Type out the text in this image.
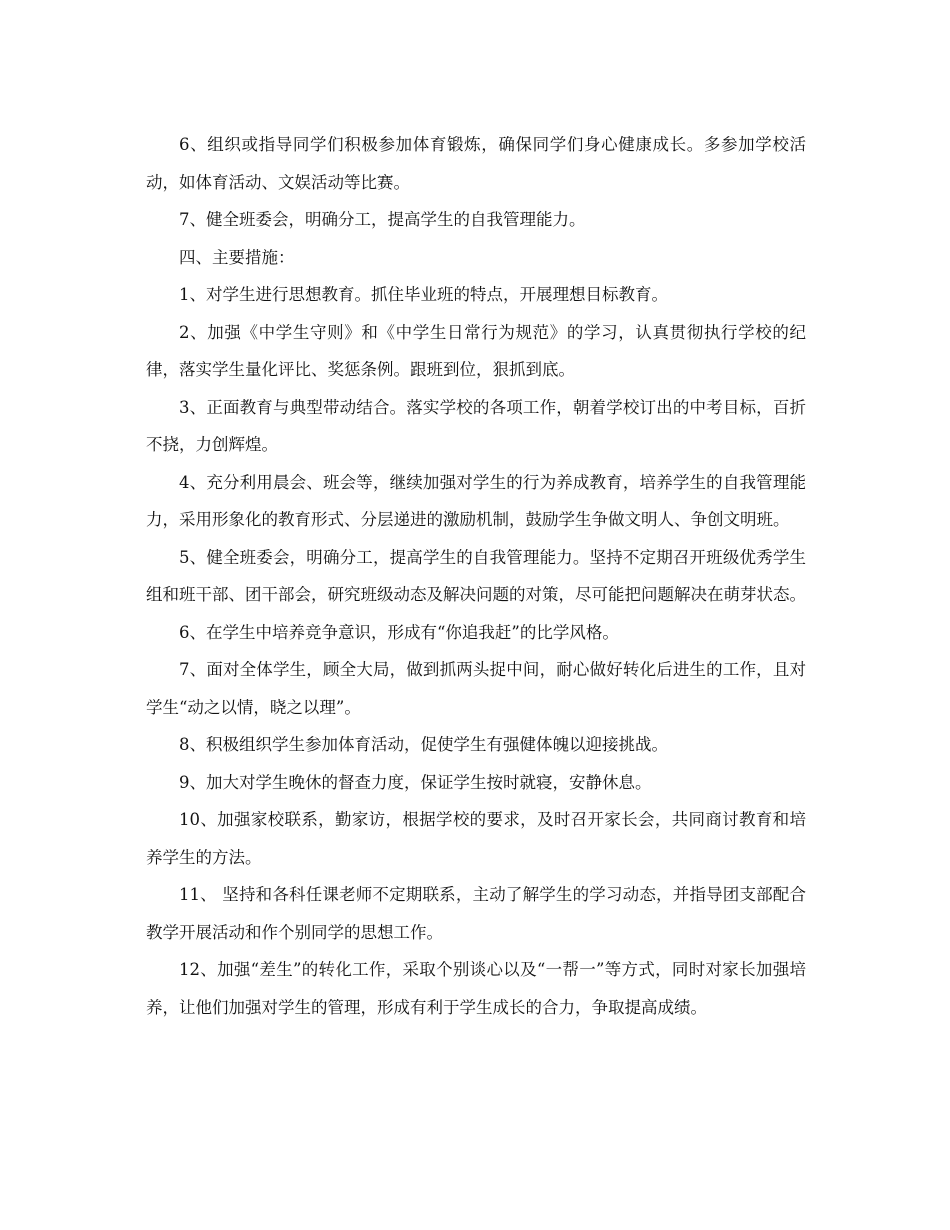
6、组织或指导同学们积极参加体育锻炼，确保同学们身心健康成长。多参加学校活动，如体育活动、文娱活动等比赛。

7、健全班委会，明确分工，提高学生的自我管理能力。

四、主要措施：

1、对学生进行思想教育。抓住毕业班的特点，开展理想目标教育。

2、加强《中学生守则》和《中学生日常行为规范》的学习，认真贯彻执行学校的纪律，落实学生量化评比、奖惩条例。跟班到位，狠抓到底。

3、正面教育与典型带动结合。落实学校的各项工作，朝着学校订出的中考目标，百折不挠，力创辉煌。

4、充分利用晨会、班会等，继续加强对学生的行为养成教育，培养学生的自我管理能力，采用形象化的教育形式、分层递进的激励机制，鼓励学生争做文明人、争创文明班。

5、健全班委会，明确分工，提高学生的自我管理能力。坚持不定期召开班级优秀学生组和班干部、团干部会，研究班级动态及解决问题的对策，尽可能把问题解决在萌芽状态。

6、在学生中培养竞争意识，形成有“你追我赶”的比学风格。

7、面对全体学生，顾全大局，做到抓两头捉中间，耐心做好转化后进生的工作，且对学生“动之以情，晓之以理”。

8、积极组织学生参加体育活动，促使学生有强健体魄以迎接挑战。

9、加大对学生晚休的督查力度，保证学生按时就寝，安静休息。

10、加强家校联系，勤家访，根据学校的要求，及时召开家长会，共同商讨教育和培养学生的方法。

11、 坚持和各科任课老师不定期联系，主动了解学生的学习动态，并指导团支部配合教学开展活动和作个别同学的思想工作。

12、加强“差生”的转化工作，采取个别谈心以及“一帮一”等方式，同时对家长加强培养，让他们加强对学生的管理，形成有利于学生成长的合力，争取提高成绩。
